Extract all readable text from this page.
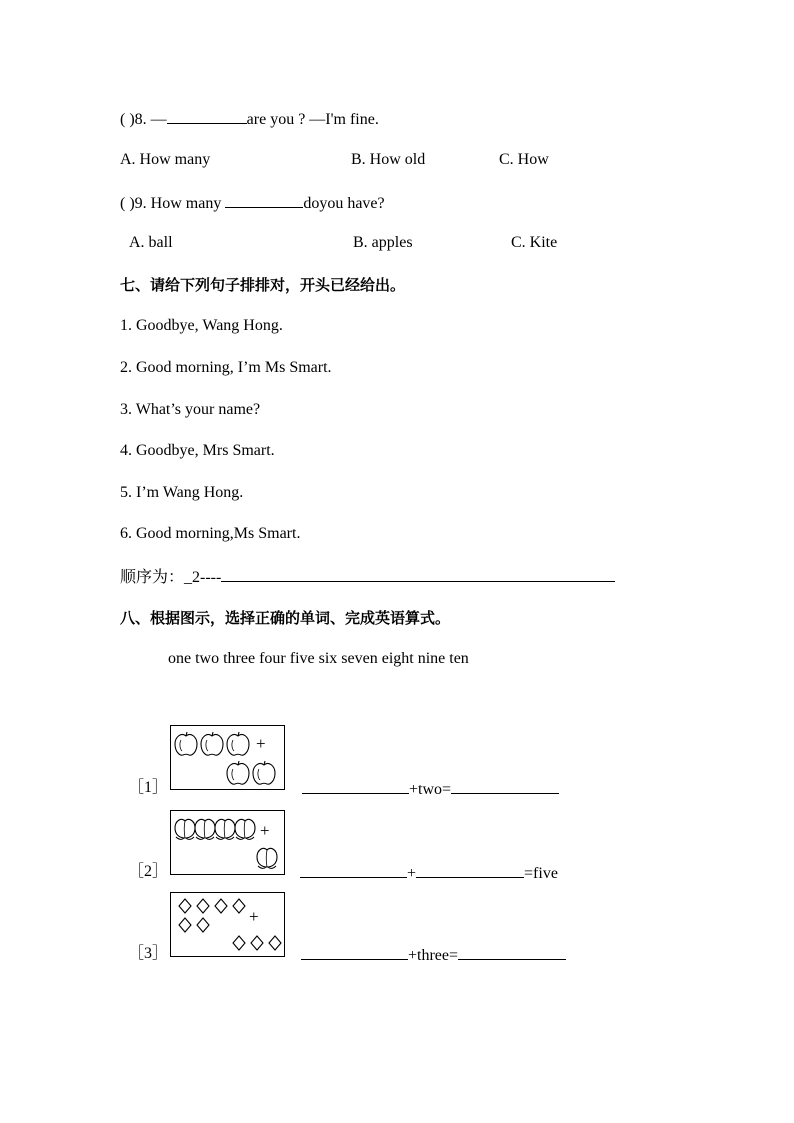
( )8. —	are you ? —I'm fine.
A. How many	B. How old	C. How
( )9. How many	doyou have?
A. ball	B. apples	C. Kite
七、请给下列句子排排对，开头已经给出。
1. Goodbye, Wang Hong.
2. Good morning, I’m Ms Smart.
3. What’s your name?
4. Goodbye, Mrs Smart.
5. I’m Wang Hong.
6. Good morning,Ms Smart.
顺序为：_2----
八、根据图示，选择正确的单词、完成英语算式。
one two three four five six seven eight nine ten
+
［1］	+two=
+
［2］	+	=five
+
［3］	+three=
